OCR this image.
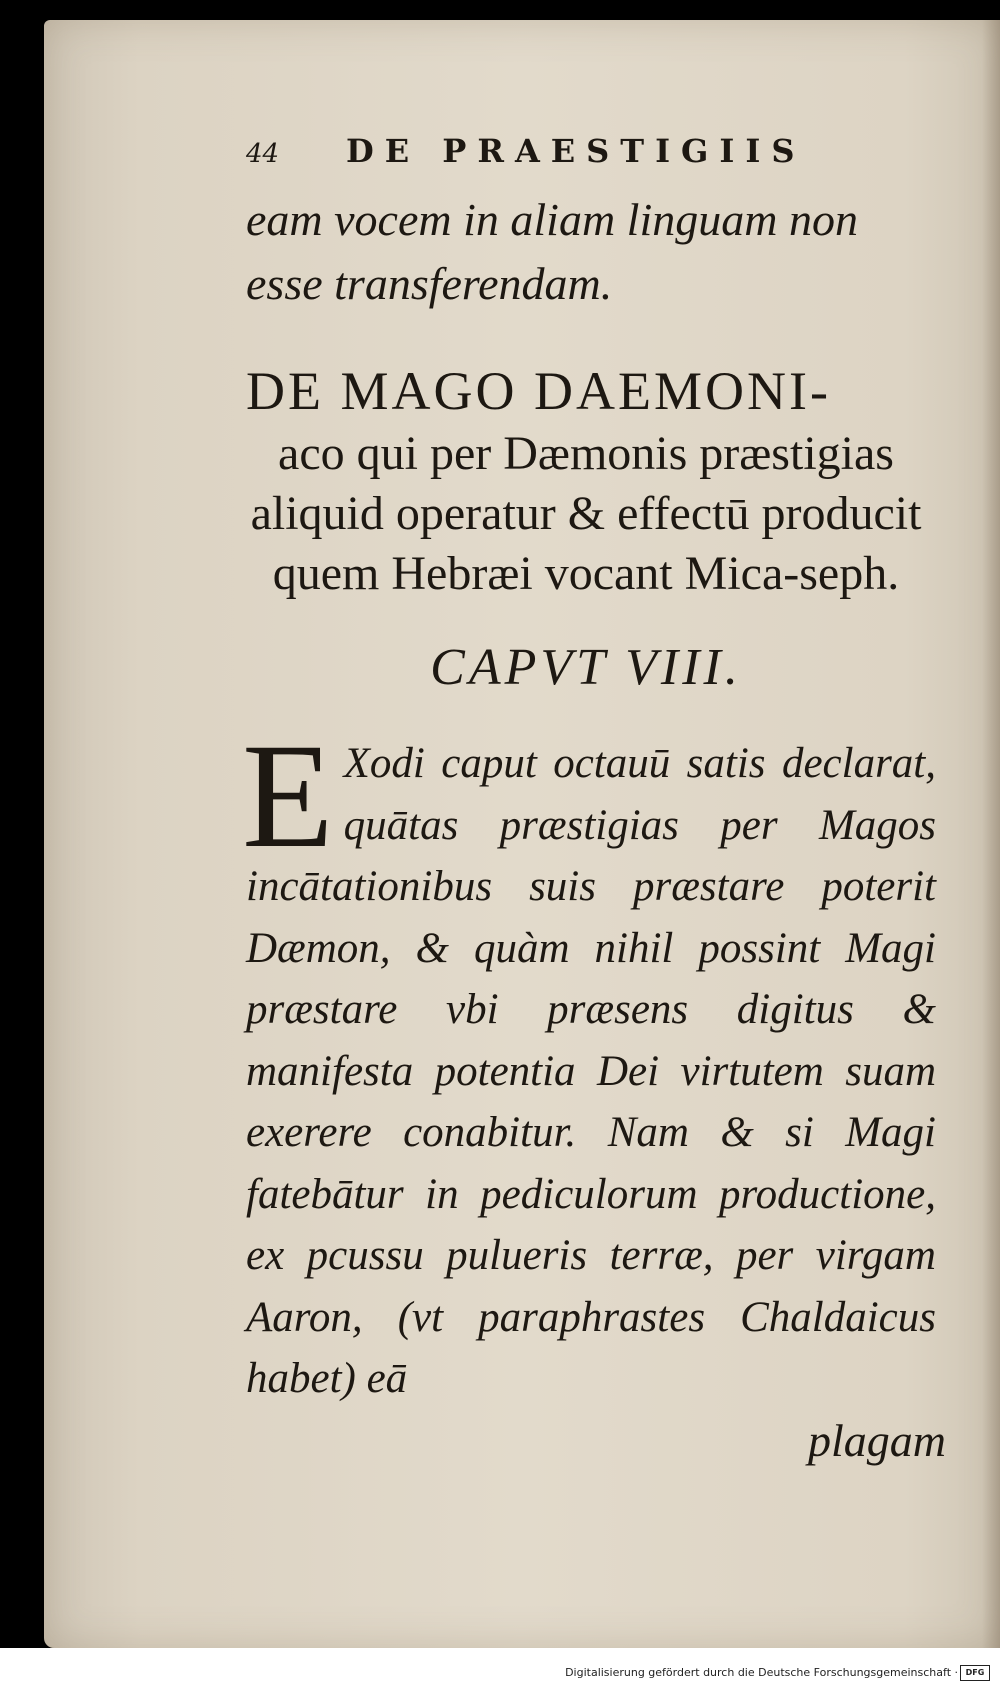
44	DE PRAESTIGIIS
eam vocem in aliam linguam non esse transferendam.
DE MAGO DAEMONI-
aco qui per Dæmonis præstigias aliquid operatur & effectū producit quem Hebræi vocant Mica-seph.
CAPVT VIII.
E Xodi caput octauū satis declarat, quātas præstigias per Magos incātationibus suis præstare poterit Dæmon, & quàm nihil possint Magi præstare vbi præsens digitus & manifesta potentia Dei virtutem suam exerere conabitur. Nam & si Magi fatebātur in pediculorum productione, ex pcussu pulueris terræ, per virgam Aaron, (vt paraphrastes Chaldaicus habet) eā
plagam
Digitalisierung gefördert durch die Deutsche Forschungsgemeinschaft · DFG
